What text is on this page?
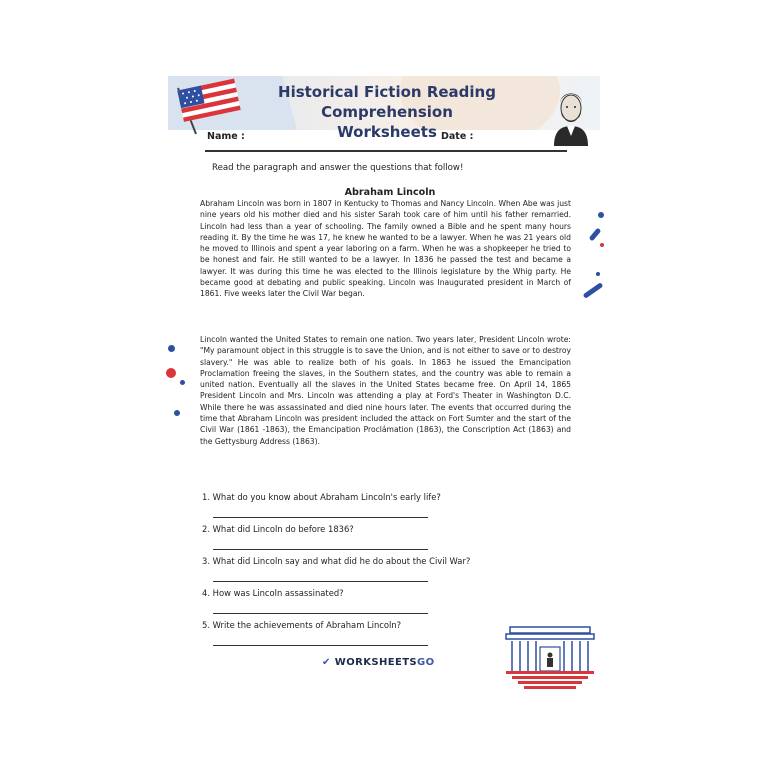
Historical Fiction Reading Comprehension
Worksheets
Name :	Date :
Read the paragraph and answer the questions that follow!
Abraham Lincoln

Abraham Lincoln was born in 1807 in Kentucky to Thomas and Nancy Lincoln. When Abe was just nine years old his mother died and his sister Sarah took care of him until his father remarried. Lincoln had less than a year of schooling. The family owned a Bible and he spent many hours reading it. By the time he was 17, he knew he wanted to be a lawyer. When he was 21 years old he moved to Illinois and spent a year laboring on a farm. When he was a shopkeeper he tried to be honest and fair. He still wanted to be a lawyer. In 1836 he passed the test and became a lawyer. It was during this time he was elected to the Illinois legislature by the Whig party. He became good at debating and public speaking. Lincoln was Inaugurated president in March of 1861. Five weeks later the Civil War began.

Lincoln wanted the United States to remain one nation. Two years later, President Lincoln wrote: "My paramount object in this struggle is to save the Union, and is not either to save or to destroy slavery." He was able to realize both of his goals. In 1863 he issued the Emancipation Proclamation freeing the slaves, in the Southern states, and the country was able to remain a united nation. Eventually all the slaves in the United States became free. On April 14, 1865 President Lincoln and Mrs. Lincoln was attending a play at Ford's Theater in Washington D.C. While there he was assassinated and died nine hours later. The events that occurred during the time that Abraham Lincoln was president included the attack on Fort Sumter and the start of the Civil War (1861 -1863), the Emancipation Proclámation (1863), the Conscription Act (1863) and the Gettysburg Address (1863).

1. What do you know about Abraham Lincoln's early life?
2. What did Lincoln do before 1836?
3. What did Lincoln say and what did he do about the Civil War?
4. How was Lincoln assassinated?
5. Write the achievements of Abraham Lincoln?
✔ WORKSHEETSGO
